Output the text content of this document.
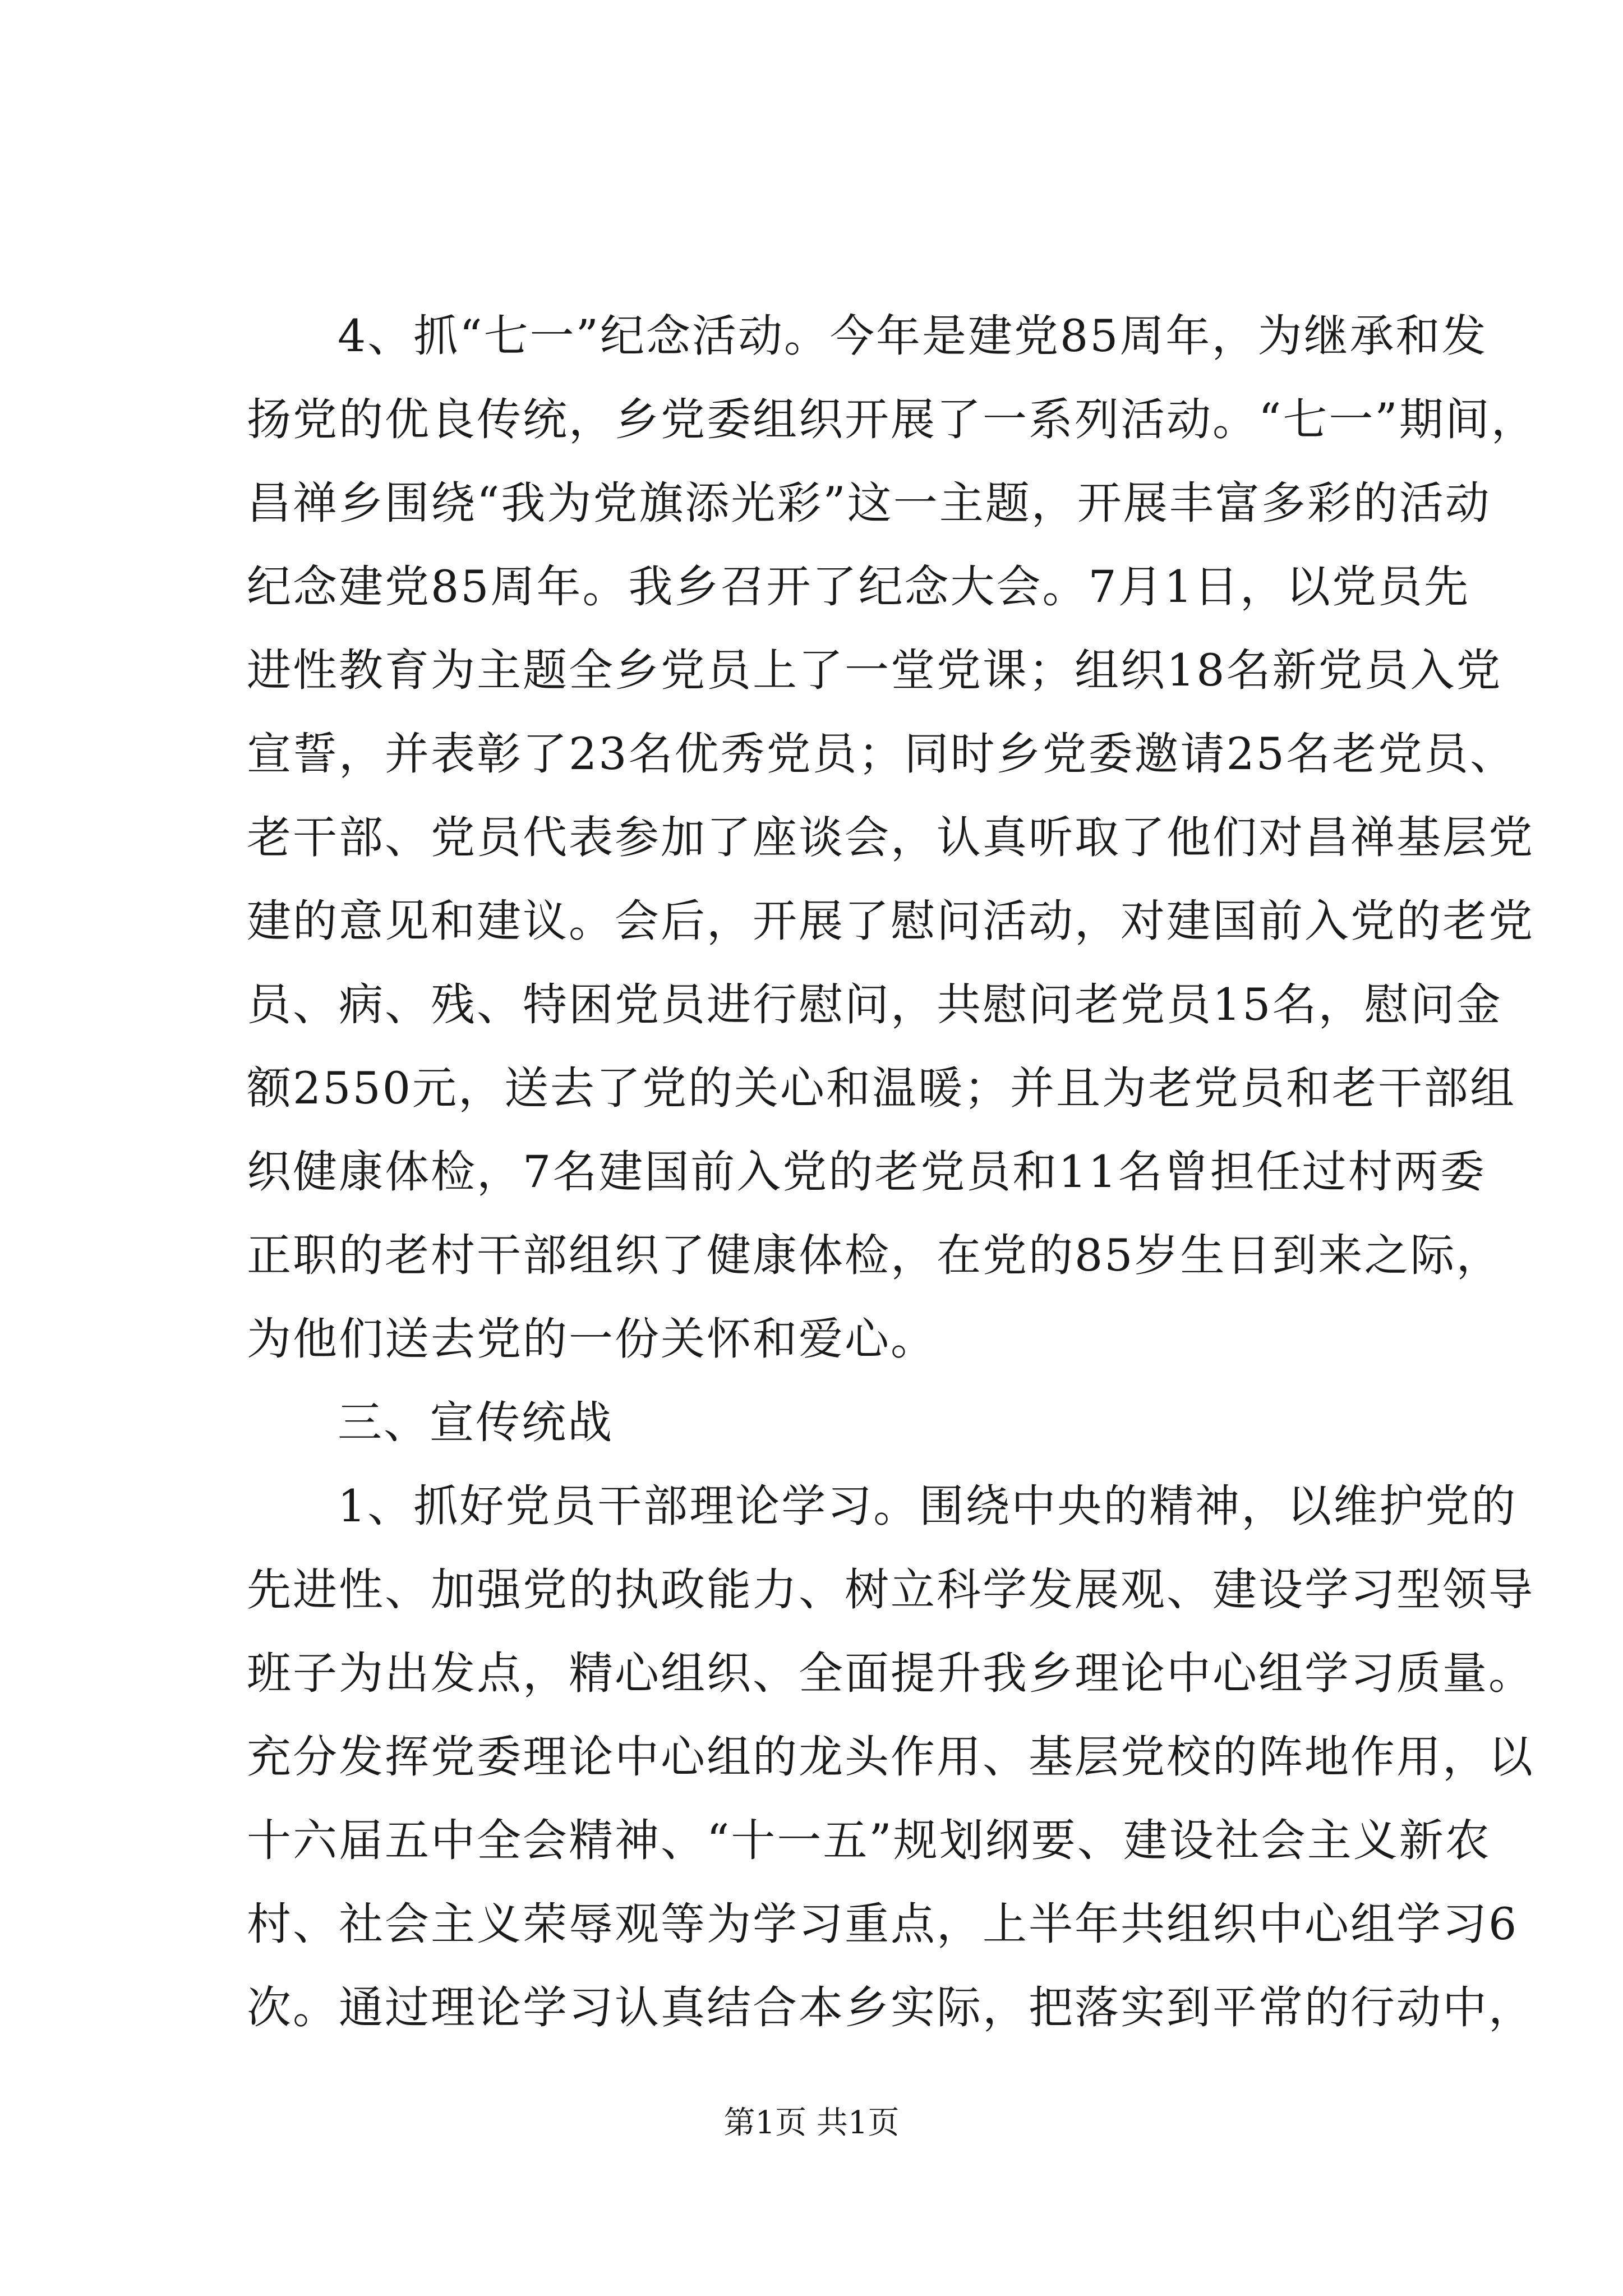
4、抓“七一”纪念活动。今年是建党85周年，为继承和发
扬党的优良传统，乡党委组织开展了一系列活动。“七一”期间，
昌禅乡围绕“我为党旗添光彩”这一主题，开展丰富多彩的活动
纪念建党85周年。我乡召开了纪念大会。7月1日，以党员先
进性教育为主题全乡党员上了一堂党课；组织18名新党员入党
宣誓，并表彰了23名优秀党员；同时乡党委邀请25名老党员、
老干部、党员代表参加了座谈会，认真听取了他们对昌禅基层党
建的意见和建议。会后，开展了慰问活动，对建国前入党的老党
员、病、残、特困党员进行慰问，共慰问老党员15名，慰问金
额2550元，送去了党的关心和温暖；并且为老党员和老干部组
织健康体检，7名建国前入党的老党员和11名曾担任过村两委
正职的老村干部组织了健康体检，在党的85岁生日到来之际，
为他们送去党的一份关怀和爱心。
三、宣传统战
1、抓好党员干部理论学习。围绕中央的精神，以维护党的
先进性、加强党的执政能力、树立科学发展观、建设学习型领导
班子为出发点，精心组织、全面提升我乡理论中心组学习质量。
充分发挥党委理论中心组的龙头作用、基层党校的阵地作用，以
十六届五中全会精神、“十一五”规划纲要、建设社会主义新农
村、社会主义荣辱观等为学习重点，上半年共组织中心组学习6
次。通过理论学习认真结合本乡实际，把落实到平常的行动中，
第1页 共1页
